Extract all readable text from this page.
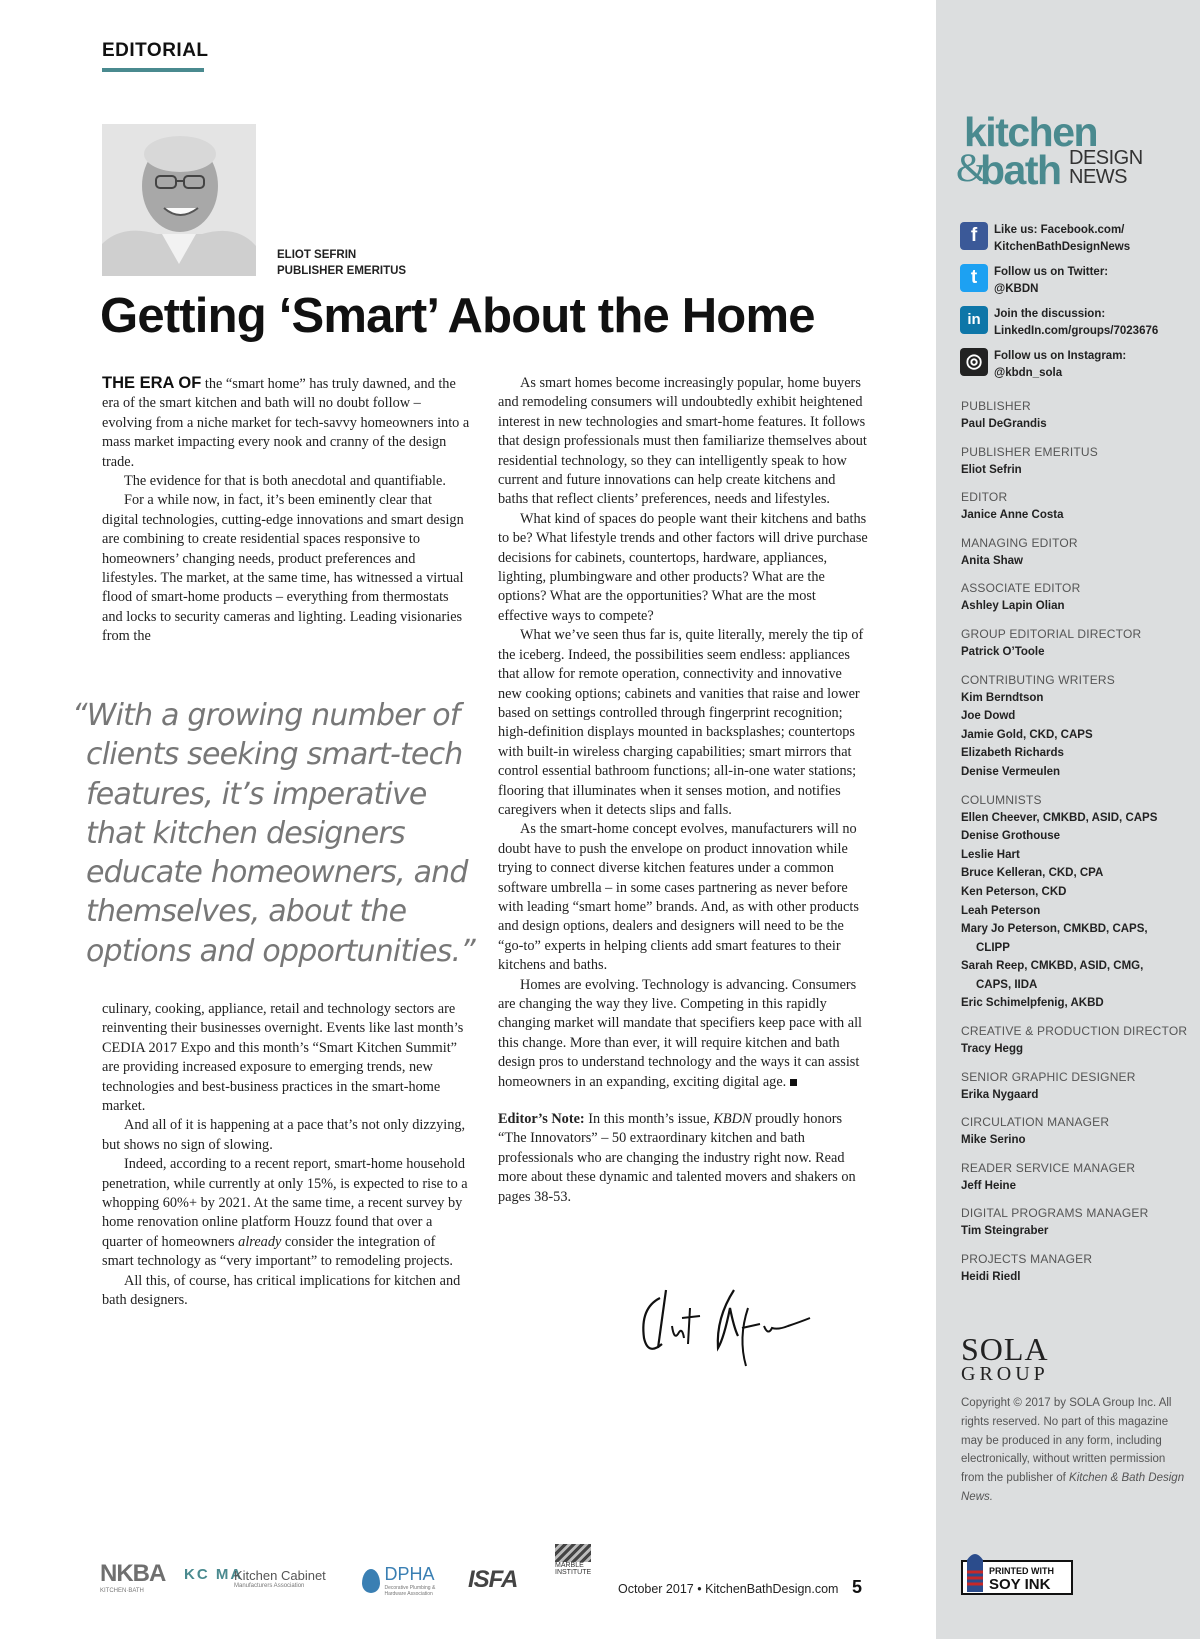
EDITORIAL
ELIOT SEFRIN
PUBLISHER EMERITUS
Getting ‘Smart’ About the Home

THE ERA OF the “smart home” has truly dawned, and the era of the smart kitchen and bath will no doubt follow – evolving from a niche market for tech-savvy homeowners into a mass market impacting every nook and cranny of the design trade.

The evidence for that is both anecdotal and quantifiable.

For a while now, in fact, it’s been eminently clear that digital technologies, cutting-edge innovations and smart design are combining to create residential spaces responsive to homeowners’ changing needs, product preferences and lifestyles. The market, at the same time, has witnessed a virtual flood of smart-home products – everything from thermostats and locks to security cameras and lighting. Leading visionaries from the

“With a growing number of clients seeking smart-tech features, it’s imperative that kitchen designers educate homeowners, and themselves, about the options and opportunities.”

culinary, cooking, appliance, retail and technology sectors are reinventing their businesses overnight. Events like last month’s CEDIA 2017 Expo and this month’s “Smart Kitchen Summit” are providing increased exposure to emerging trends, new technologies and best-business practices in the smart-home market.

And all of it is happening at a pace that’s not only dizzying, but shows no sign of slowing.

Indeed, according to a recent report, smart-home household penetration, while currently at only 15%, is expected to rise to a whopping 60%+ by 2021. At the same time, a recent survey by home renovation online platform Houzz found that over a quarter of homeowners already consider the integration of smart technology as “very important” to remodeling projects.

All this, of course, has critical implications for kitchen and bath designers.

As smart homes become increasingly popular, home buyers and remodeling consumers will undoubtedly exhibit heightened interest in new technologies and smart-home features. It follows that design professionals must then familiarize themselves about residential technology, so they can intelligently speak to how current and future innovations can help create kitchens and baths that reflect clients’ preferences, needs and lifestyles.

What kind of spaces do people want their kitchens and baths to be? What lifestyle trends and other factors will drive purchase decisions for cabinets, countertops, hardware, appliances, lighting, plumbingware and other products? What are the options? What are the opportunities? What are the most effective ways to compete?

What we’ve seen thus far is, quite literally, merely the tip of the iceberg. Indeed, the possibilities seem endless: appliances that allow for remote operation, connectivity and innovative new cooking options; cabinets and vanities that raise and lower based on settings controlled through fingerprint recognition; high-definition displays mounted in backsplashes; countertops with built-in wireless charging capabilities; smart mirrors that control essential bathroom functions; all-in-one water stations; flooring that illuminates when it senses motion, and notifies caregivers when it detects slips and falls.

As the smart-home concept evolves, manufacturers will no doubt have to push the envelope on product innovation while trying to connect diverse kitchen features under a common software umbrella – in some cases partnering as never before with leading “smart home” brands. And, as with other products and design options, dealers and designers will need to be the “go-to” experts in helping clients add smart features to their kitchens and baths.

Homes are evolving. Technology is advancing. Consumers are changing the way they live. Competing in this rapidly changing market will mandate that specifiers keep pace with all this change. More than ever, it will require kitchen and bath design pros to understand technology and the ways it can assist homeowners in an expanding, exciting digital age.

Editor’s Note: In this month’s issue, KBDN proudly honors “The Innovators” – 50 extraordinary kitchen and bath professionals who are changing the industry right now. Read more about these dynamic and talented movers and shakers on pages 38-53.

NKBA
KITCHEN·BATH
KC MA
Kitchen Cabinet
Manufacturers Association

DPHA
Decorative Plumbing & Hardware Association
ISFA
MARBLE
INSTITUTE
October 2017 • KitchenBathDesign.com 5
kitchen
&
bath DESIGN
NEWS
f	Like us: Facebook.com/
KitchenBathDesignNews
t	Follow us on Twitter:
@KBDN
in	Join the discussion:
LinkedIn.com/groups/7023676
◎	Follow us on Instagram:
@kbdn_sola
PUBLISHER
Paul DeGrandis
PUBLISHER EMERITUS
Eliot Sefrin
EDITOR
Janice Anne Costa
MANAGING EDITOR
Anita Shaw
ASSOCIATE EDITOR
Ashley Lapin Olian
GROUP EDITORIAL DIRECTOR
Patrick O’Toole
CONTRIBUTING WRITERS
Kim Berndtson
Joe Dowd
Jamie Gold, CKD, CAPS
Elizabeth Richards
Denise Vermeulen
COLUMNISTS
Ellen Cheever, CMKBD, ASID, CAPS
Denise Grothouse
Leslie Hart
Bruce Kelleran, CKD, CPA
Ken Peterson, CKD
Leah Peterson
Mary Jo Peterson, CMKBD, CAPS,
CLIPP
Sarah Reep, CMKBD, ASID, CMG,
CAPS, IIDA
Eric Schimelpfenig, AKBD
CREATIVE & PRODUCTION DIRECTOR
Tracy Hegg
SENIOR GRAPHIC DESIGNER
Erika Nygaard
CIRCULATION MANAGER
Mike Serino
READER SERVICE MANAGER
Jeff Heine
DIGITAL PROGRAMS MANAGER
Tim Steingraber
PROJECTS MANAGER
Heidi Riedl
SOLA
GROUP
Copyright © 2017 by SOLA Group Inc. All rights reserved. No part of this magazine may be produced in any form, including electronically, without written permission from the publisher of Kitchen & Bath Design News.
PRINTED WITH
SOY INK
